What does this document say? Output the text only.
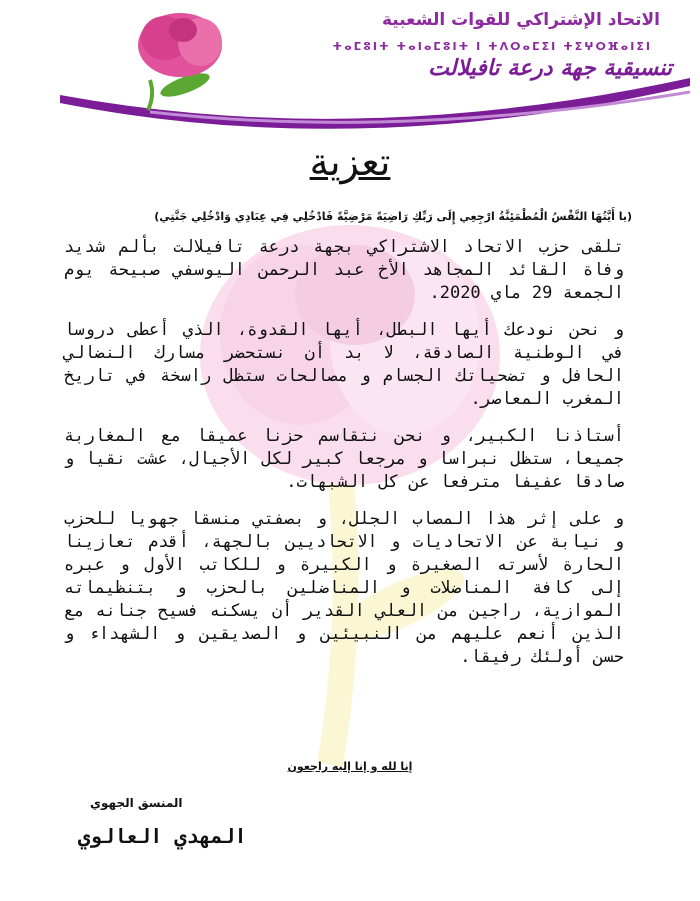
الاتحاد الإشتراكي للقوات الشعبية
ⵜⴰⵎⵓⵏⵜ ⵜⴰⵏⴰⵎⵓⵏⵜ ⵏ ⵜⴷⵔⴰⵎⵉⵏ ⵜⵉⵖⵔⴼⴰⵏⵉⵏ
تنسيقية جهة درعة تافيلالت
تعزية
(يا أَيَّتُهَا النَّفْسُ الْمُطْمَئِنَّةُ ارْجِعِي إِلَى رَبِّكِ رَاضِيَةً مَرْضِيَّةً فَادْخُلِي فِي عِبَادِي وَادْخُلِي جَنَّتِي)

تلقى حزب الاتحاد الاشتراكي بجهة درعة تافيلالت بألم شديد وفاة القائد المجاهد الأخ عبد الرحمن اليوسفي صبيحة يوم الجمعة 29 ماي 2020.

و نحن نودعك أيها البطل، أيها القدوة، الذي أعطى دروسا في الوطنية الصادقة، لا بد أن نستحضر مسارك النضالي الحافل و تضحياتك الجسام و مصالحات ستظل راسخة في تاريخ المغرب المعاصر.

أستاذنا الكبير، و نحن نتقاسم حزنا عميقا مع المغاربة جميعا، ستظل نبراسا و مرجعا كبير لكل الأجيال، عشت نقيا و صادقا عفيفا مترفعا عن كل الشبهات.

و على إثر هذا المصاب الجلل، و بصفتي منسقا جهويا للحزب و نيابة عن الاتحاديات و الاتحاديين بالجهة، أقدم تعازينا الحارة لأسرته الصغيرة و الكبيرة و للكاتب الأول و عبره إلى كافة المناضلات و المناضلين بالحزب و بتنظيماته الموازية، راجين من العلي القدير أن يسكنه فسيح جنانه مع الذين أنعم عليهم من النبيئين و الصديقين و الشهداء و حسن أولئك رفيقا.

إنا لله و إنا إليه راجعون
المنسق الجهوي
المهدي العالوي
